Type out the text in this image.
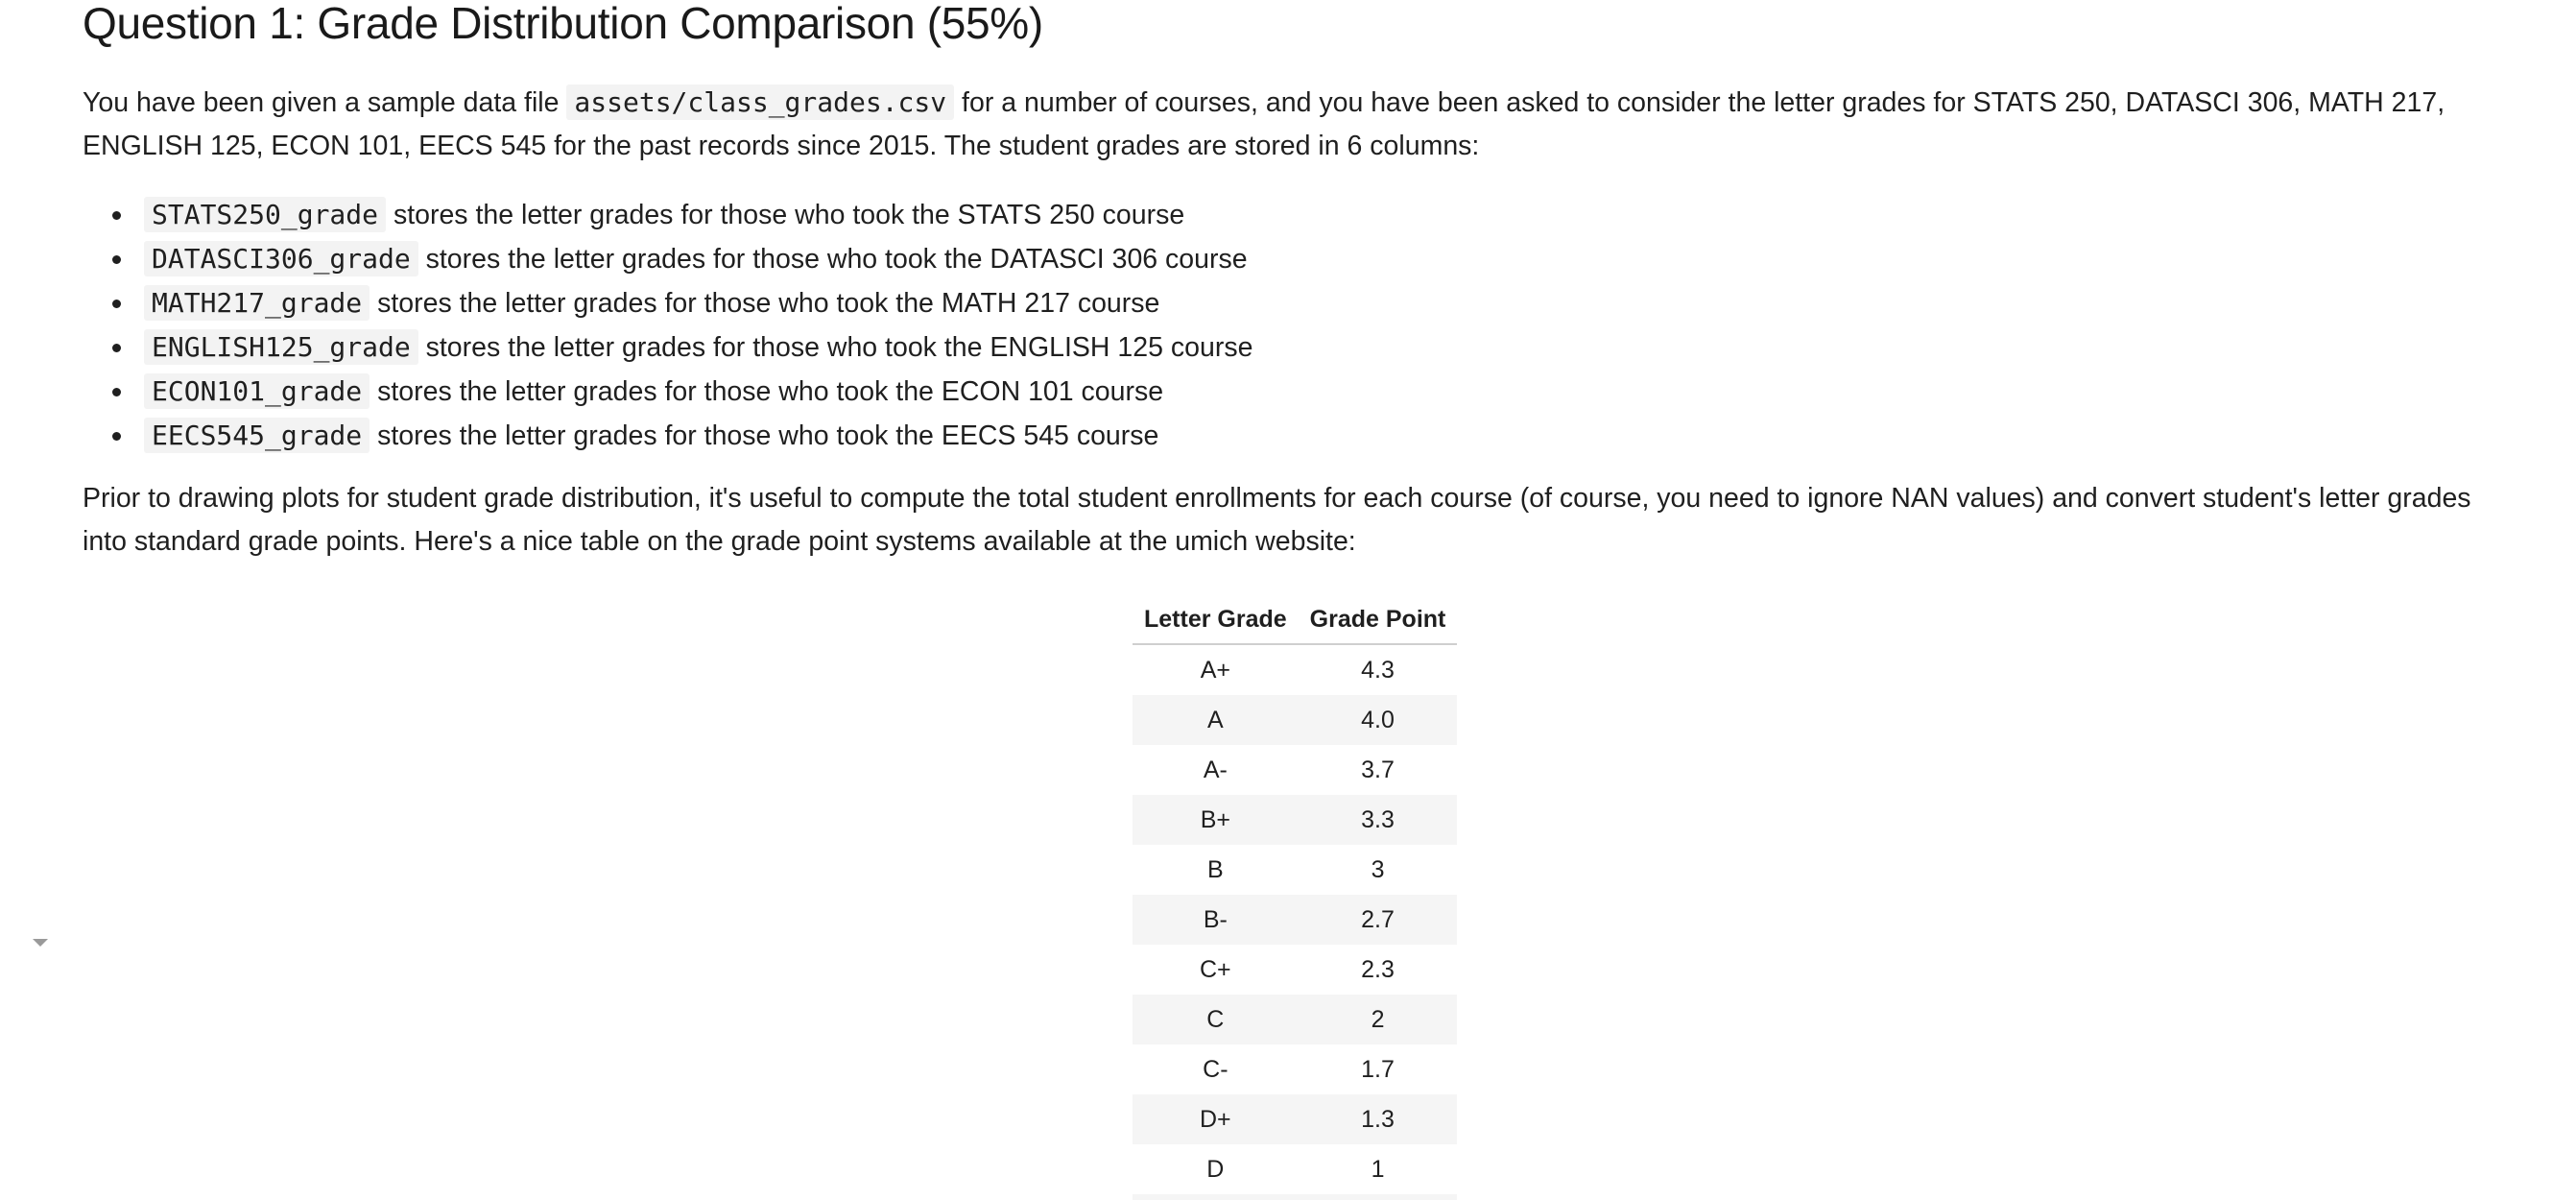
Question 1: Grade Distribution Comparison (55%)

You have been given a sample data file assets/class_grades.csv for a number of courses, and you have been asked to consider the letter grades for STATS 250, DATASCI 306, MATH 217, ENGLISH 125, ECON 101, EECS 545 for the past records since 2015. The student grades are stored in 6 columns:

STATS250_grade stores the letter grades for those who took the STATS 250 course
DATASCI306_grade stores the letter grades for those who took the DATASCI 306 course
MATH217_grade stores the letter grades for those who took the MATH 217 course
ENGLISH125_grade stores the letter grades for those who took the ENGLISH 125 course
ECON101_grade stores the letter grades for those who took the ECON 101 course
EECS545_grade stores the letter grades for those who took the EECS 545 course

Prior to drawing plots for student grade distribution, it's useful to compute the total student enrollments for each course (of course, you need to ignore NAN values) and convert student's letter grades into standard grade points. Here's a nice table on the grade point systems available at the umich website:

Letter Grade	Grade Point
A+	4.3
A	4.0
A-	3.7
B+	3.3
B	3
B-	2.7
C+	2.3
C	2
C-	1.7
D+	1.3
D	1
